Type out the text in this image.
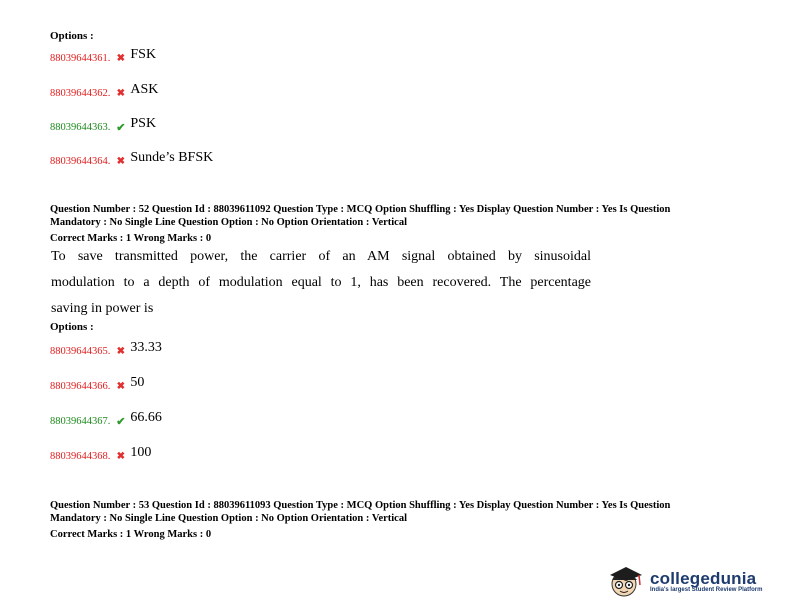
Options :
88039644361. ✖ FSK
88039644362. ✖ ASK
88039644363. ✔ PSK
88039644364. ✖ Sunde’s BFSK
Question Number : 52 Question Id : 88039611092 Question Type : MCQ Option Shuffling : Yes Display Question Number : Yes Is Question
Mandatory : No Single Line Question Option : No Option Orientation : Vertical
Correct Marks : 1 Wrong Marks : 0
To save transmitted power, the carrier of an AM signal obtained by sinusoidal
modulation to a depth of modulation equal to 1, has been recovered. The percentage
saving in power is
Options :
88039644365. ✖ 33.33
88039644366. ✖ 50
88039644367. ✔ 66.66
88039644368. ✖ 100
Question Number : 53 Question Id : 88039611093 Question Type : MCQ Option Shuffling : Yes Display Question Number : Yes Is Question
Mandatory : No Single Line Question Option : No Option Orientation : Vertical
Correct Marks : 1 Wrong Marks : 0
collegedunia
India's largest Student Review Platform
